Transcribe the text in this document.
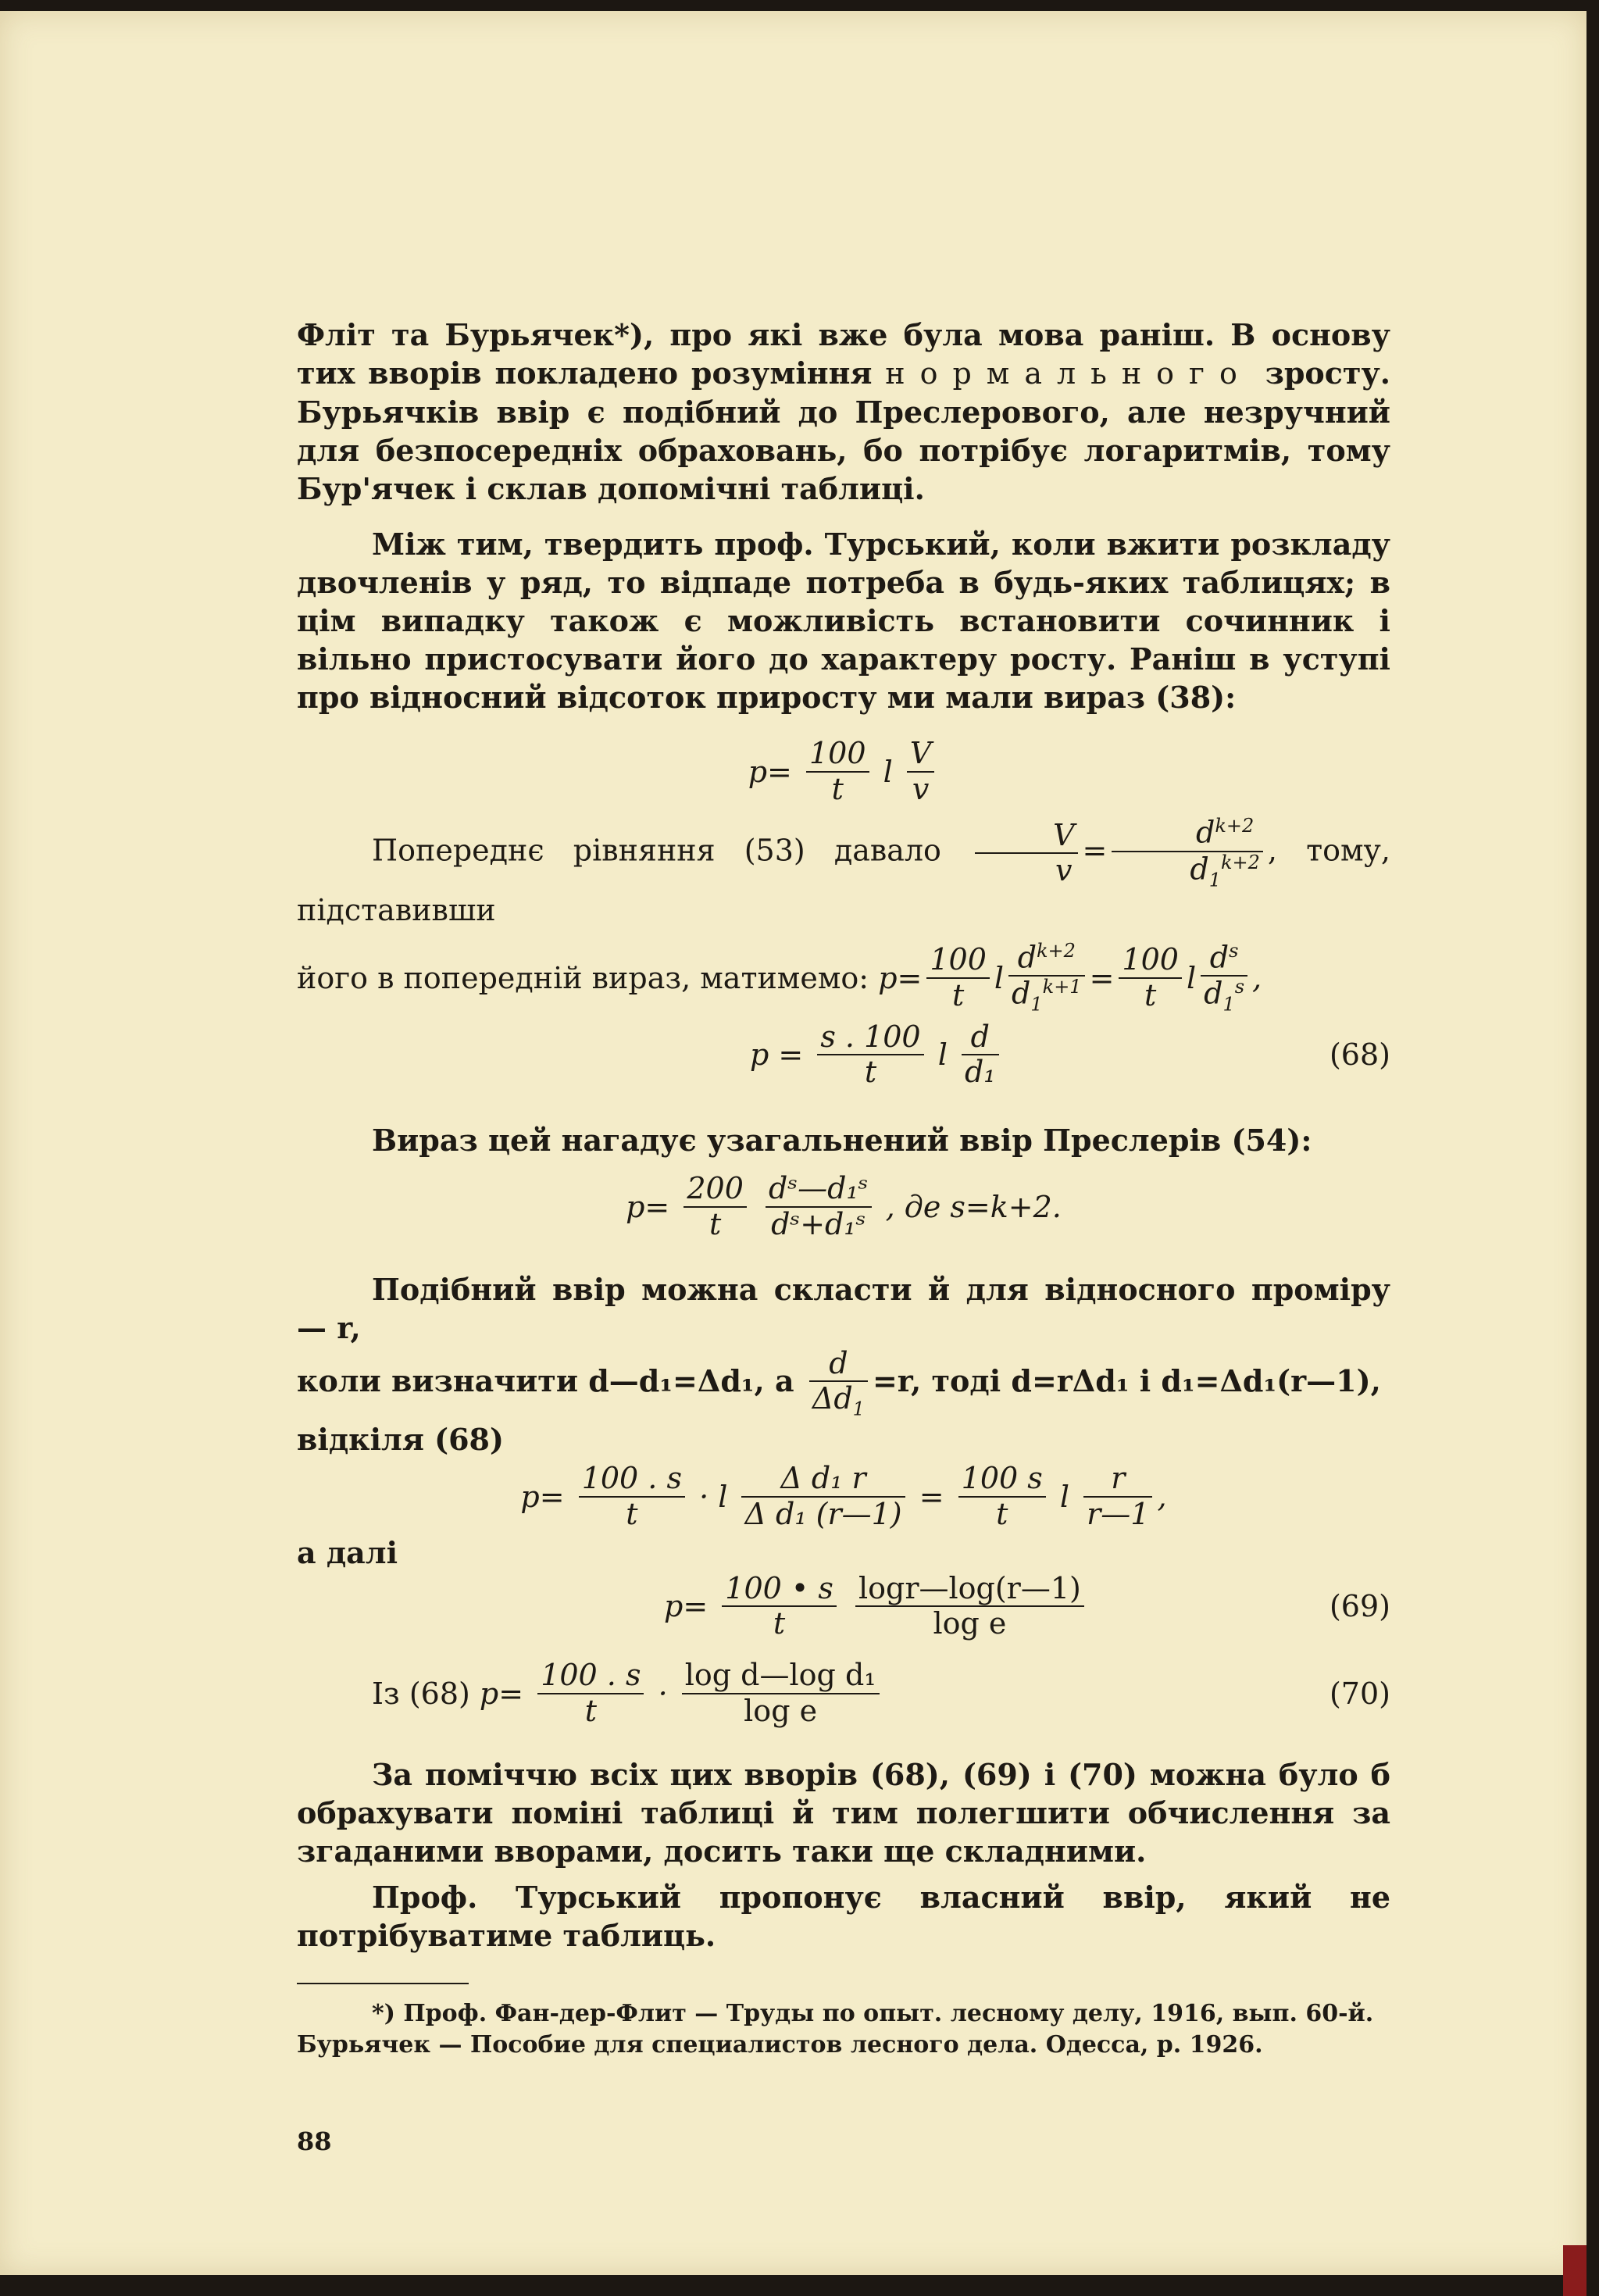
Фліт та Бурьячек*), про які вже була мова раніш. В основу тих вворів покладено розуміння нормального зросту. Бурьячків ввір є подібний до Преслерового, але незручний для безпосередніх обраховань, бо потрібує логаритмів, тому Бур'ячек і склав допомічні таблиці.

Між тим, твердить проф. Турський, коли вжити розкладу двочленів у ряд, то відпаде потреба в будь-яких таблицях; в цім випадку також є можливість встановити сочинник і вільно пристосувати його до характеру росту. Раніш в уступі про відносний відсоток приросту ми мали вираз (38):

$p= \frac{100}{t}$ l $\frac{V}{v}$

Попереднє рівняння (53) давало $\frac{V}{v} = \frac{d^{k+2}}{d_1^{k+2}}$ , тому, підставивши

його в попередній вираз, матимемо: $p= \frac{100}{t}$ l $\frac{d^{k+2}}{d_1^{k+1}} = \frac{100}{t}$ l $\frac{d^s}{d_1^s}$ ,
$p = \frac{s . 100}{t}$ l $\frac{d}{\text{d₁}}$	(68)

Вираз цей нагадує узагальнений ввір Преслерів (54):

$p= \frac{200}{t}$
$\frac{\text{dˢ—d₁ˢ}}{\text{dˢ+d₁ˢ}}$ , де s=k+2.

Подібний ввір можна скласти й для відносного проміру — r,

коли визначити d—d₁=Δd₁, а $\frac{d}{\Delta d_1} =r$, тоді d=rΔd₁ і d₁=Δd₁(r—1),

відкіля (68)

$p= \frac{100 . s}{t} \cdot l \frac{\text{Δ d₁ r}}{\text{Δ d₁ (r—1)}} = \frac{100 s}{t}$ l $\frac{r}{r—1}$ ,

а далі

$p= \frac{100 • s}{t}$
$\frac{\log r—\log(r—1)}{\text{log e}}$	(69)
Із (68) $p= \frac{100 . s}{t} \cdot \frac{\text{log d—log d₁}}{\text{log e}}$	(70)

За поміччю всіх цих вворів (68), (69) і (70) можна було б обрахувати поміні таблиці й тим полегшити обчислення за згаданими вворами, досить таки ще складними.

Проф. Турський пропонує власний ввір, який не потрібуватиме таблиць.

*) Проф. Фан-дер-Флит — Труды по опыт. лесному делу, 1916, вып. 60-й.

Бурьячек — Пособие для специалистов лесного дела. Одесса, р. 1926.

88
